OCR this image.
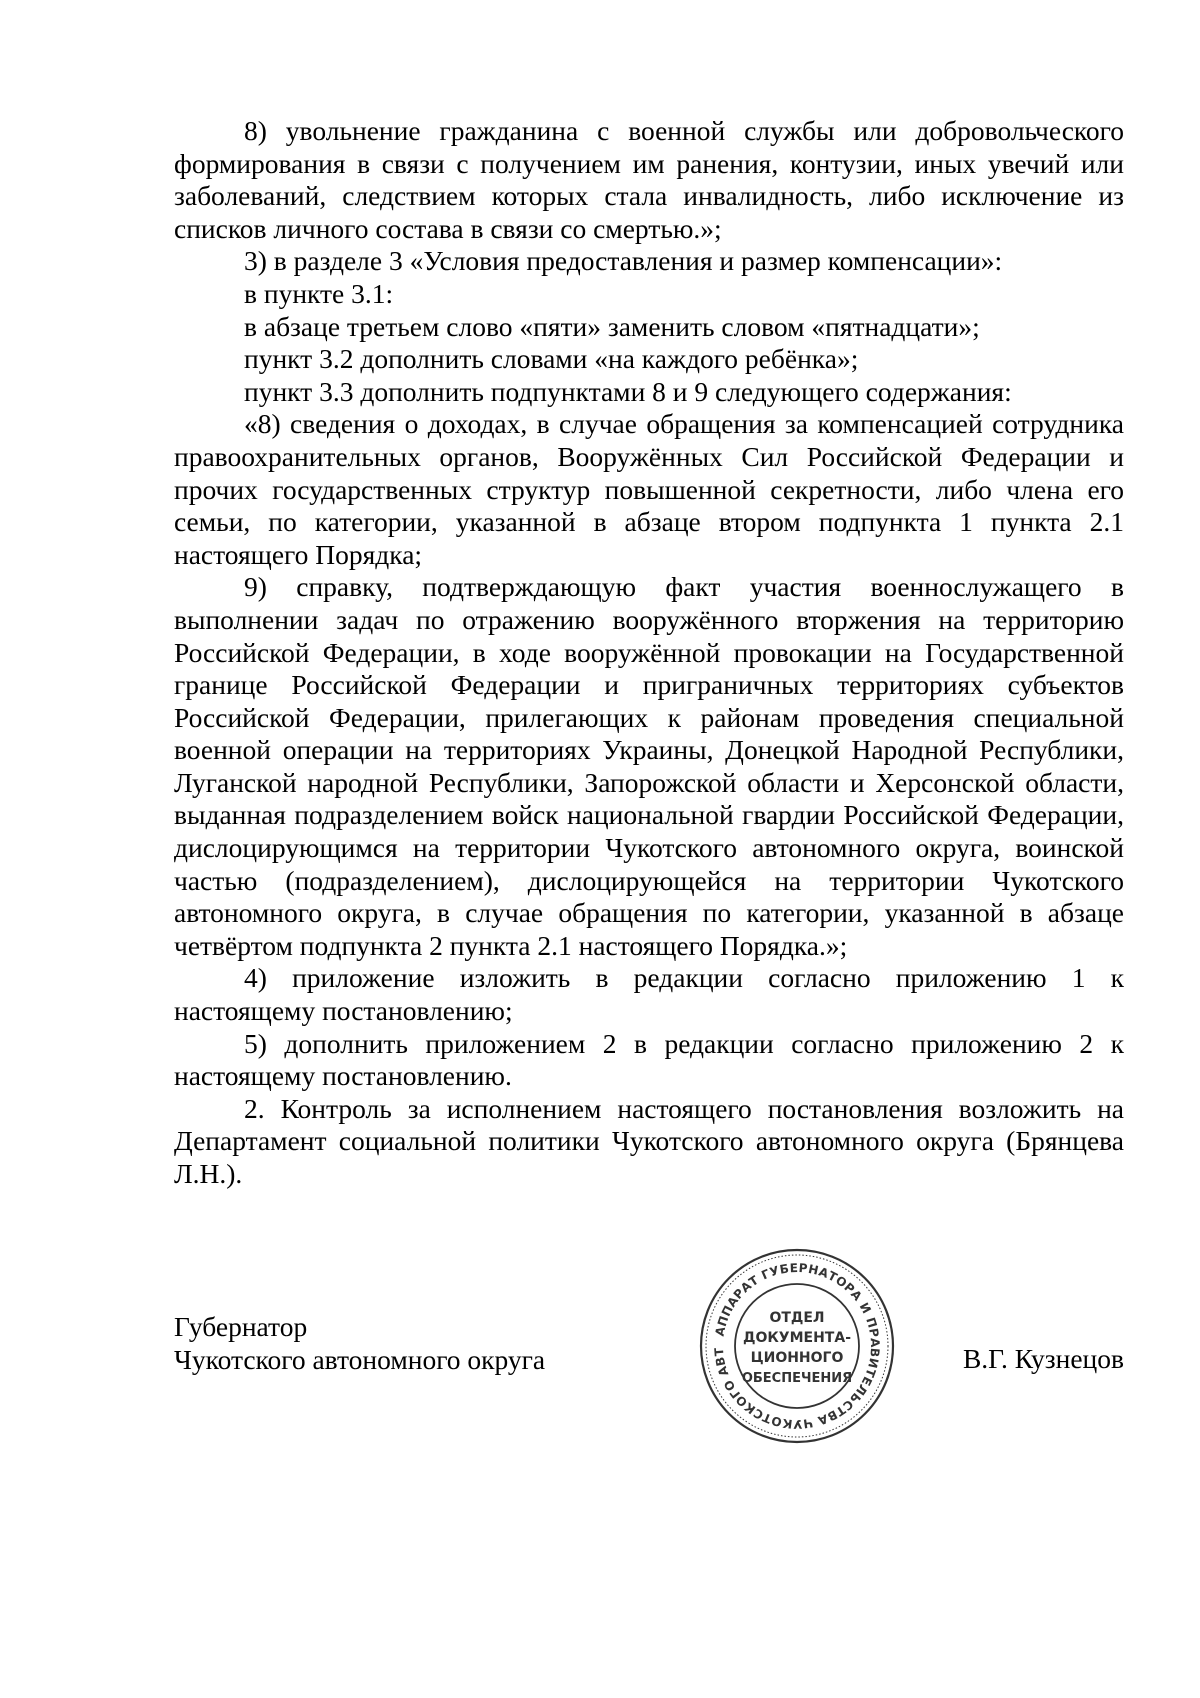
8) увольнение гражданина с военной службы или добровольческого формирования в связи с получением им ранения, контузии, иных увечий или заболеваний, следствием которых стала инвалидность, либо исключение из списков личного состава в связи со смертью.»;

3) в разделе 3 «Условия предоставления и размер компенсации»:

в пункте 3.1:

в абзаце третьем слово «пяти» заменить словом «пятнадцати»;

пункт 3.2 дополнить словами «на каждого ребёнка»;

пункт 3.3 дополнить подпунктами 8 и 9 следующего содержания:

«8) сведения о доходах, в случае обращения за компенсацией сотрудника правоохранительных органов, Вооружённых Сил Российской Федерации и прочих государственных структур повышенной секретности, либо члена его семьи, по категории, указанной в абзаце втором подпункта 1 пункта 2.1 настоящего Порядка;

9) справку, подтверждающую факт участия военнослужащего в выполнении задач по отражению вооружённого вторжения на территорию Российской Федерации, в ходе вооружённой провокации на Государственной границе Российской Федерации и приграничных территориях субъектов Российской Федерации, прилегающих к районам проведения специальной военной операции на территориях Украины, Донецкой Народной Республики, Луганской народной Республики, Запорожской области и Херсонской области, выданная подразделением войск национальной гвардии Российской Федерации, дислоцирующимся на территории Чукотского автономного округа, воинской частью (подразделением), дислоцирующейся на территории Чукотского автономного округа, в случае обращения по категории, указанной в абзаце четвёртом подпункта 2 пункта 2.1 настоящего Порядка.»;

4) приложение изложить в редакции согласно приложению 1 к настоящему постановлению;

5) дополнить приложением 2 в редакции согласно приложению 2 к настоящему постановлению.

2. Контроль за исполнением настоящего постановления возложить на Департамент социальной политики Чукотского автономного округа (Брянцева Л.Н.).

Губернатор
Чукотского автономного округа	В.Г. Кузнецов
АППАРАТ ГУБЕРНАТОРА И ПРАВИТЕЛЬСТВА ЧУКОТСКОГО АВТ
ОТДЕЛ
ДОКУМЕНТА-
ЦИОННОГО
ОБЕСПЕЧЕНИЯ
